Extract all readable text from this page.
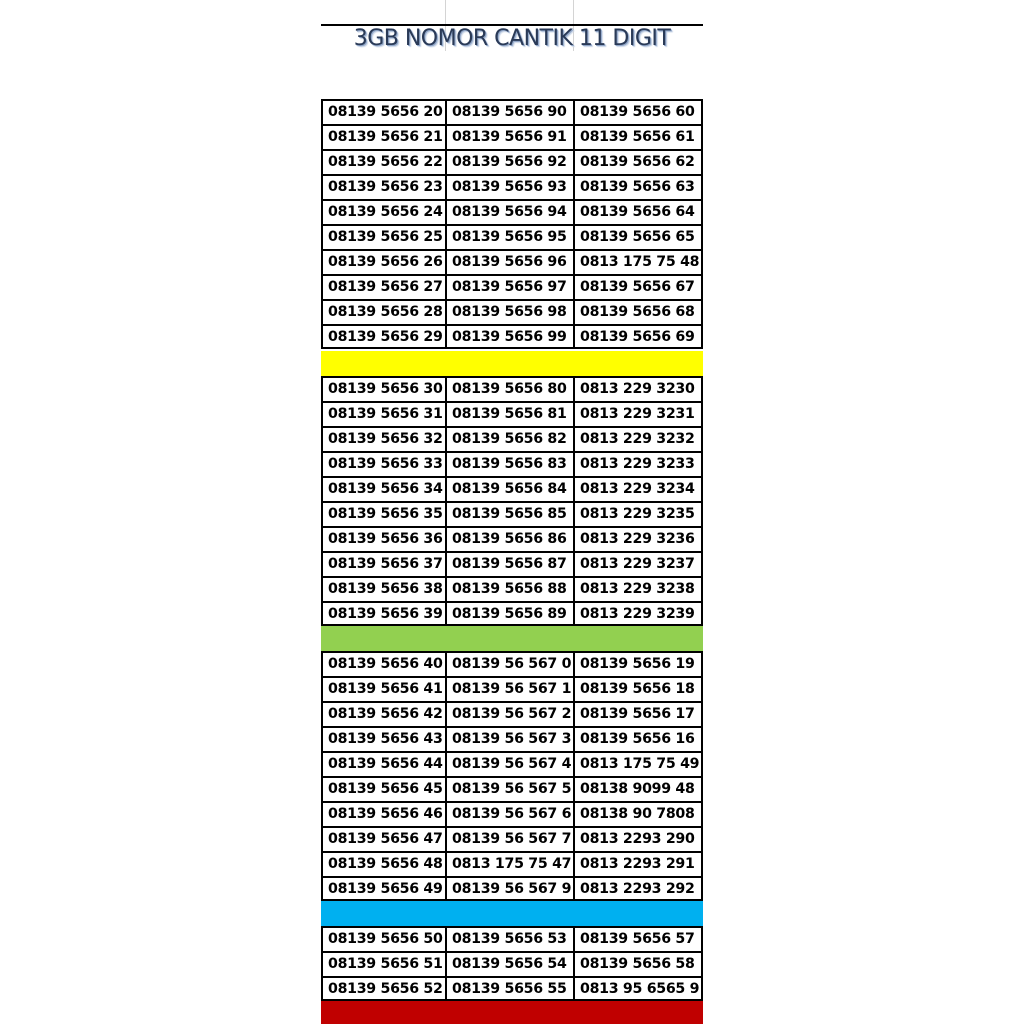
3GB NOMOR CANTIK 11 DIGIT
08139 5656 20 08139 5656 90 08139 5656 60
08139 5656 21 08139 5656 91 08139 5656 61
08139 5656 22 08139 5656 92 08139 5656 62
08139 5656 23 08139 5656 93 08139 5656 63
08139 5656 24 08139 5656 94 08139 5656 64
08139 5656 25 08139 5656 95 08139 5656 65
08139 5656 26 08139 5656 96 0813 175 75 48
08139 5656 27 08139 5656 97 08139 5656 67
08139 5656 28 08139 5656 98 08139 5656 68
08139 5656 29 08139 5656 99 08139 5656 69
08139 5656 30 08139 5656 80 0813 229 3230
08139 5656 31 08139 5656 81 0813 229 3231
08139 5656 32 08139 5656 82 0813 229 3232
08139 5656 33 08139 5656 83 0813 229 3233
08139 5656 34 08139 5656 84 0813 229 3234
08139 5656 35 08139 5656 85 0813 229 3235
08139 5656 36 08139 5656 86 0813 229 3236
08139 5656 37 08139 5656 87 0813 229 3237
08139 5656 38 08139 5656 88 0813 229 3238
08139 5656 39 08139 5656 89 0813 229 3239
08139 5656 40 08139 56 567 0 08139 5656 19
08139 5656 41 08139 56 567 1 08139 5656 18
08139 5656 42 08139 56 567 2 08139 5656 17
08139 5656 43 08139 56 567 3 08139 5656 16
08139 5656 44 08139 56 567 4 0813 175 75 49
08139 5656 45 08139 56 567 5 08138 9099 48
08139 5656 46 08139 56 567 6 08138 90 7808
08139 5656 47 08139 56 567 7 0813 2293 290
08139 5656 48 0813 175 75 47 0813 2293 291
08139 5656 49 08139 56 567 9 0813 2293 292
08139 5656 50 08139 5656 53 08139 5656 57
08139 5656 51 08139 5656 54 08139 5656 58
08139 5656 52 08139 5656 55 0813 95 6565 9
